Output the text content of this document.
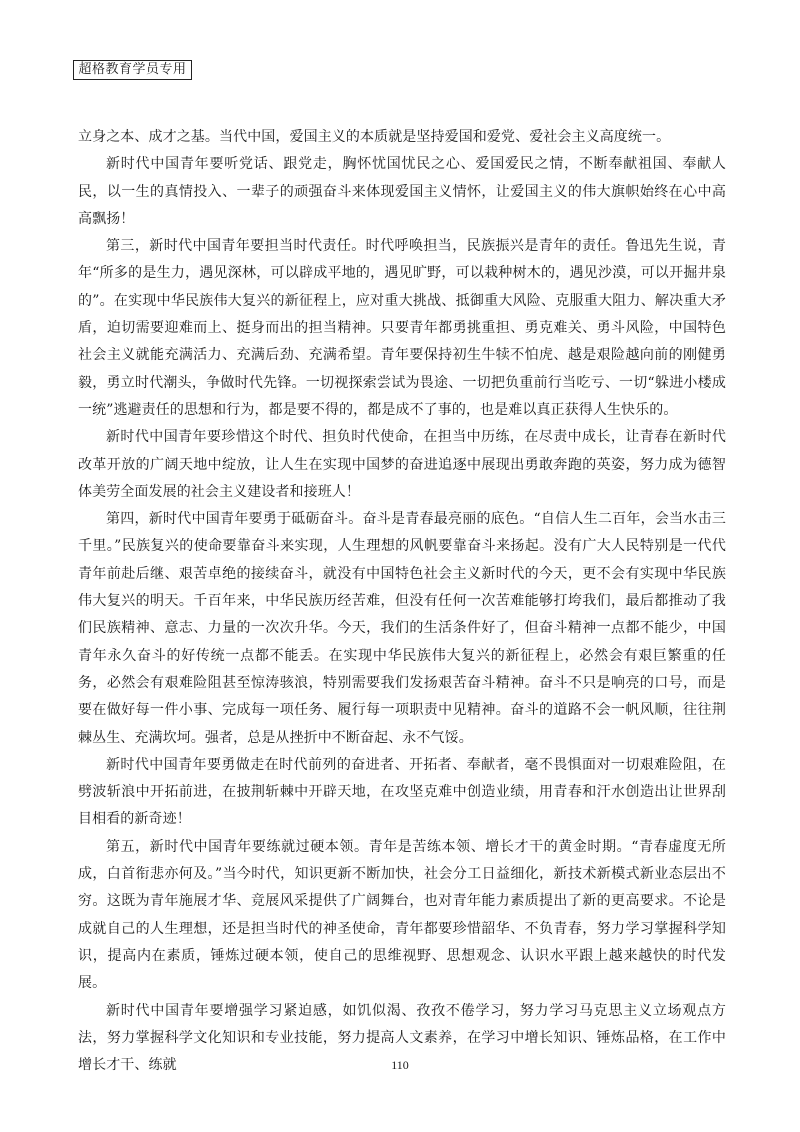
超格教育学员专用

立身之本、成才之基。当代中国，爱国主义的本质就是坚持爱国和爱党、爱社会主义高度统一。

新时代中国青年要听党话、跟党走，胸怀忧国忧民之心、爱国爱民之情，不断奉献祖国、奉献人民，以一生的真情投入、一辈子的顽强奋斗来体现爱国主义情怀，让爱国主义的伟大旗帜始终在心中高高飘扬！

第三，新时代中国青年要担当时代责任。时代呼唤担当，民族振兴是青年的责任。鲁迅先生说，青年“所多的是生力，遇见深林，可以辟成平地的，遇见旷野，可以栽种树木的，遇见沙漠，可以开掘井泉的”。在实现中华民族伟大复兴的新征程上，应对重大挑战、抵御重大风险、克服重大阻力、解决重大矛盾，迫切需要迎难而上、挺身而出的担当精神。只要青年都勇挑重担、勇克难关、勇斗风险，中国特色社会主义就能充满活力、充满后劲、充满希望。青年要保持初生牛犊不怕虎、越是艰险越向前的刚健勇毅，勇立时代潮头，争做时代先锋。一切视探索尝试为畏途、一切把负重前行当吃亏、一切“躲进小楼成一统”逃避责任的思想和行为，都是要不得的，都是成不了事的，也是难以真正获得人生快乐的。

新时代中国青年要珍惜这个时代、担负时代使命，在担当中历练，在尽责中成长，让青春在新时代改革开放的广阔天地中绽放，让人生在实现中国梦的奋进追逐中展现出勇敢奔跑的英姿，努力成为德智体美劳全面发展的社会主义建设者和接班人！

第四，新时代中国青年要勇于砥砺奋斗。奋斗是青春最亮丽的底色。“自信人生二百年，会当水击三千里。”民族复兴的使命要靠奋斗来实现，人生理想的风帆要靠奋斗来扬起。没有广大人民特别是一代代青年前赴后继、艰苦卓绝的接续奋斗，就没有中国特色社会主义新时代的今天，更不会有实现中华民族伟大复兴的明天。千百年来，中华民族历经苦难，但没有任何一次苦难能够打垮我们，最后都推动了我们民族精神、意志、力量的一次次升华。今天，我们的生活条件好了，但奋斗精神一点都不能少，中国青年永久奋斗的好传统一点都不能丢。在实现中华民族伟大复兴的新征程上，必然会有艰巨繁重的任务，必然会有艰难险阻甚至惊涛骇浪，特别需要我们发扬艰苦奋斗精神。奋斗不只是响亮的口号，而是要在做好每一件小事、完成每一项任务、履行每一项职责中见精神。奋斗的道路不会一帆风顺，往往荆棘丛生、充满坎坷。强者，总是从挫折中不断奋起、永不气馁。

新时代中国青年要勇做走在时代前列的奋进者、开拓者、奉献者，毫不畏惧面对一切艰难险阻，在劈波斩浪中开拓前进，在披荆斩棘中开辟天地，在攻坚克难中创造业绩，用青春和汗水创造出让世界刮目相看的新奇迹！

第五，新时代中国青年要练就过硬本领。青年是苦练本领、增长才干的黄金时期。“青春虚度无所成，白首衔悲亦何及。”当今时代，知识更新不断加快，社会分工日益细化，新技术新模式新业态层出不穷。这既为青年施展才华、竞展风采提供了广阔舞台，也对青年能力素质提出了新的更高要求。不论是成就自己的人生理想，还是担当时代的神圣使命，青年都要珍惜韶华、不负青春，努力学习掌握科学知识，提高内在素质，锤炼过硬本领，使自己的思维视野、思想观念、认识水平跟上越来越快的时代发展。

新时代中国青年要增强学习紧迫感，如饥似渴、孜孜不倦学习，努力学习马克思主义立场观点方法，努力掌握科学文化知识和专业技能，努力提高人文素养，在学习中增长知识、锤炼品格，在工作中增长才干、练就	110
